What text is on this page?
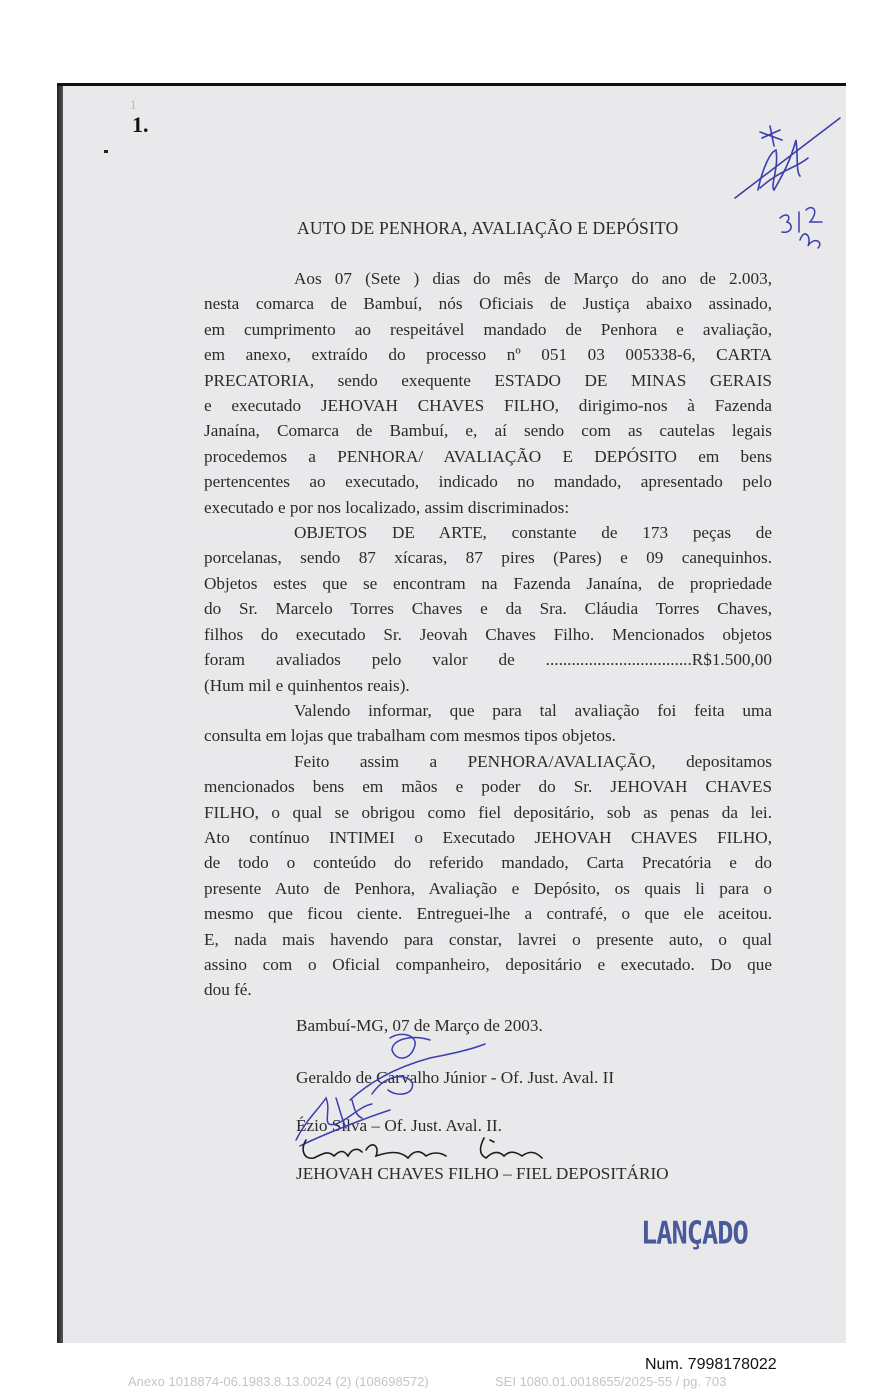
1
1.
AUTO DE PENHORA, AVALIAÇÃO E DEPÓSITO
Aos 07 (Sete ) dias do mês de Março do ano de 2.003,
nesta comarca de Bambuí, nós Oficiais de Justiça abaixo assinado,
em cumprimento ao respeitável mandado de Penhora e avaliação,
em anexo, extraído do processo nº 051 03 005338-6, CARTA
PRECATORIA, sendo exequente ESTADO DE MINAS GERAIS
e executado JEHOVAH CHAVES FILHO, dirigimo-nos à Fazenda
Janaína, Comarca de Bambuí, e, aí sendo com as cautelas legais
procedemos a PENHORA/ AVALIAÇÃO E DEPÓSITO em bens
pertencentes ao executado, indicado no mandado, apresentado pelo
executado e por nos localizado, assim discriminados:
OBJETOS DE ARTE, constante de 173 peças de
porcelanas, sendo 87 xícaras, 87 pires (Pares) e 09 canequinhos.
Objetos estes que se encontram na Fazenda Janaína, de propriedade
do Sr. Marcelo Torres Chaves e da Sra. Cláudia Torres Chaves,
filhos do executado Sr. Jeovah Chaves Filho. Mencionados objetos
foram avaliados pelo valor de ..................................R$1.500,00
(Hum mil e quinhentos reais).
Valendo informar, que para tal avaliação foi feita uma
consulta em lojas que trabalham com mesmos tipos objetos.
Feito assim a PENHORA/AVALIAÇÃO, depositamos
mencionados bens em mãos e poder do Sr. JEHOVAH CHAVES
FILHO, o qual se obrigou como fiel depositário, sob as penas da lei.
Ato contínuo INTIMEI o Executado JEHOVAH CHAVES FILHO,
de todo o conteúdo do referido mandado, Carta Precatória e do
presente Auto de Penhora, Avaliação e Depósito, os quais li para o
mesmo que ficou ciente. Entreguei-lhe a contrafé, o que ele aceitou.
E, nada mais havendo para constar, lavrei o presente auto, o qual
assino com o Oficial companheiro, depositário e executado. Do que
dou fé.
Bambuí-MG, 07 de Março de 2003.
Geraldo de Carvalho Júnior - Of. Just. Aval. II
Ézio Silva – Of. Just. Aval. II.
JEHOVAH CHAVES FILHO – FIEL DEPOSITÁRIO
LANÇADO
Num. 7998178022
Anexo 1018874-06.1983.8.13.0024 (2) (108698572)	SEI 1080.01.0018655/2025-55 / pg. 703
